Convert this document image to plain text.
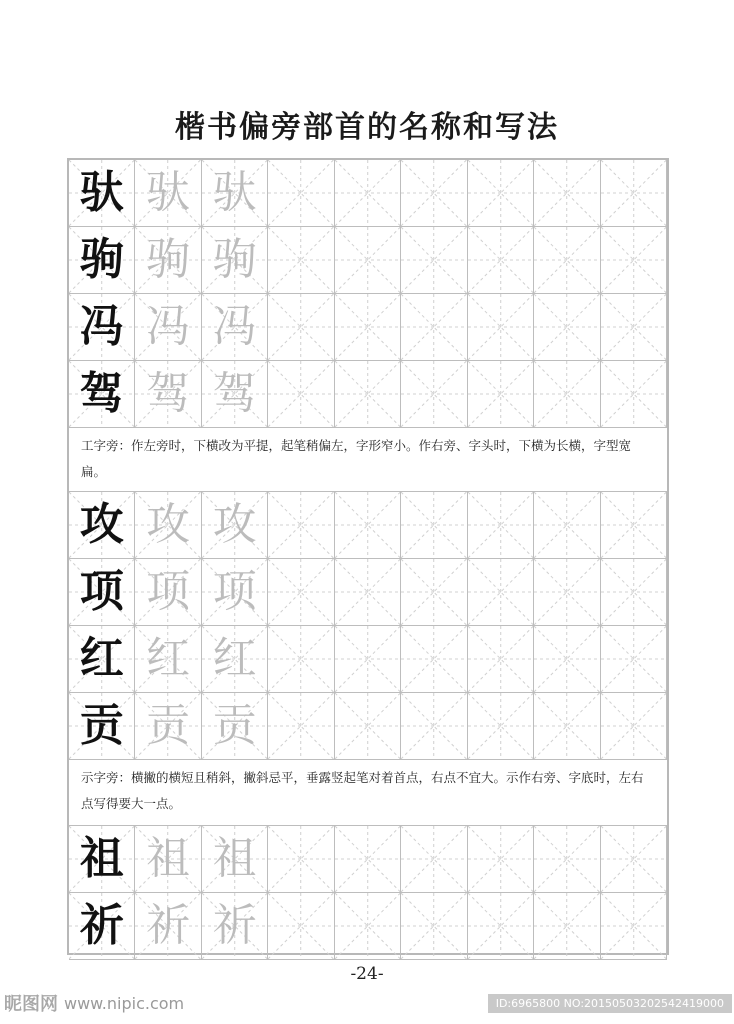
楷书偏旁部首的名称和写法
驮 驮 驮
驹 驹 驹
冯 冯 冯
驾 驾 驾
工字旁：作左旁时，下横改为平提，起笔稍偏左，字形窄小。作右旁、字头时，下横为长横，字型宽扁。
攻 攻 攻
项 项 项
红 红 红
贡 贡 贡
示字旁：横撇的横短且稍斜，撇斜忌平，垂露竖起笔对着首点，右点不宜大。示作右旁、字底时，左右点写得要大一点。
祖 祖 祖
祈 祈 祈
-24-
昵图网 www.nipic.com	ID:6965800 NO:20150503202542419000
